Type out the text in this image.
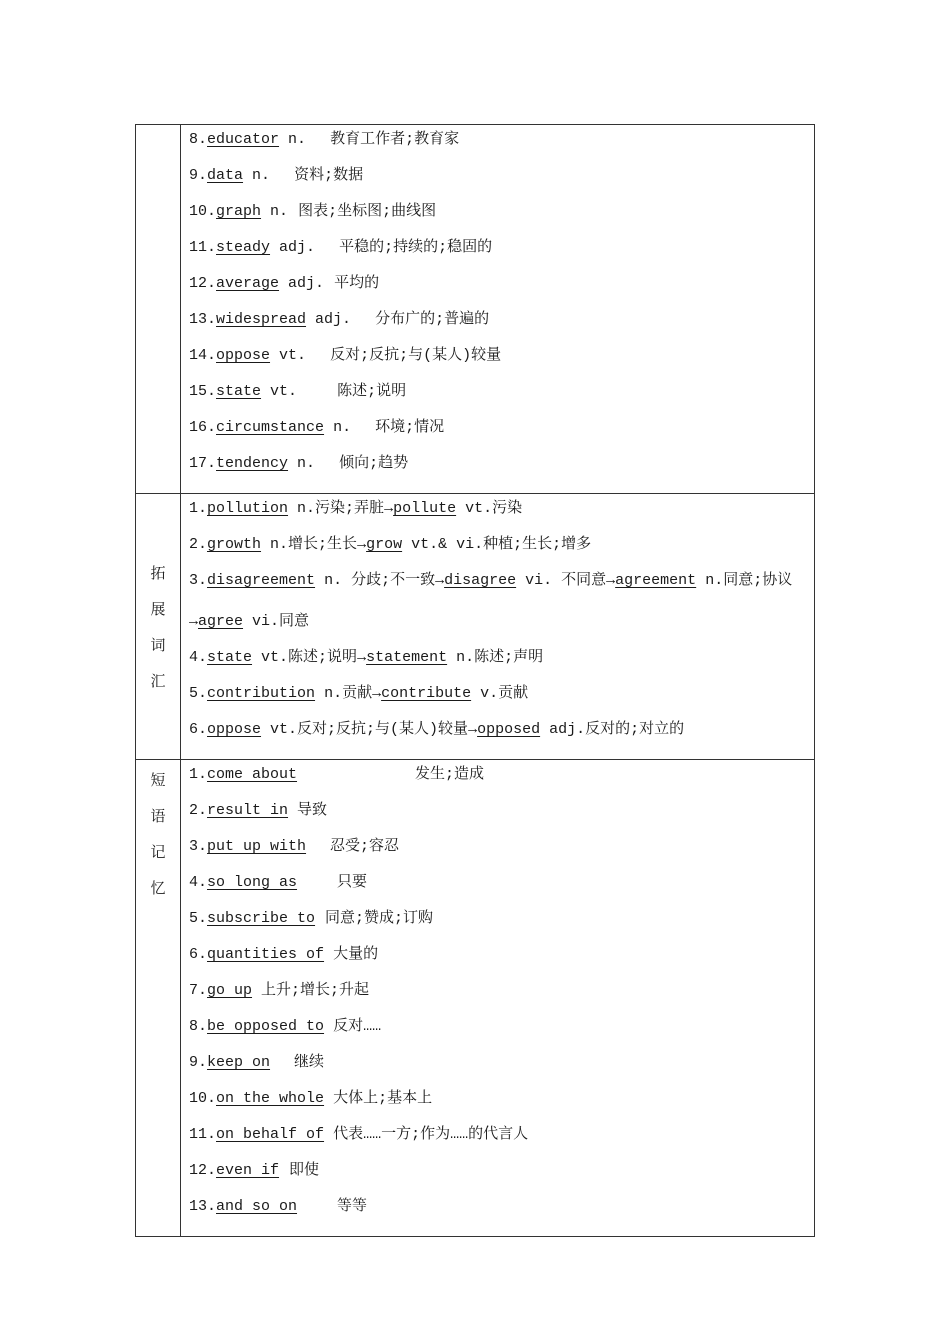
8.educator n. 教育工作者;教育家
9.data n. 资料;数据
10.graph n. 图表;坐标图;曲线图
11.steady adj. 平稳的;持续的;稳固的
12.average adj. 平均的
13.widespread adj. 分布广的;普遍的
14.oppose vt. 反对;反抗;与(某人)较量
15.state vt.	陈述;说明
16.circumstance n. 环境;情况
17.tendency n. 倾向;趋势
拓
展
词
汇
1.pollution n.污染;弄脏→pollute vt.污染
2.growth n.增长;生长→grow vt.& vi.种植;生长;增多
3.disagreement n. 分歧;不一致→disagree vi. 不同意→agreement n.同意;协议
→agree vi.同意
4.state vt.陈述;说明→statement n.陈述;声明
5.contribution n.贡献→contribute v.贡献
6.oppose vt.反对;反抗;与(某人)较量→opposed adj.反对的;对立的
短
语
记
忆
1.come about	发生;造成
2.result in 导致
3.put up with 忍受;容忍
4.so long as	只要
5.subscribe to 同意;赞成;订购
6.quantities of 大量的
7.go up 上升;增长;升起
8.be opposed to 反对……
9.keep on 继续
10.on the whole 大体上;基本上
11.on behalf of 代表……一方;作为……的代言人
12.even if 即使
13.and so on	等等
